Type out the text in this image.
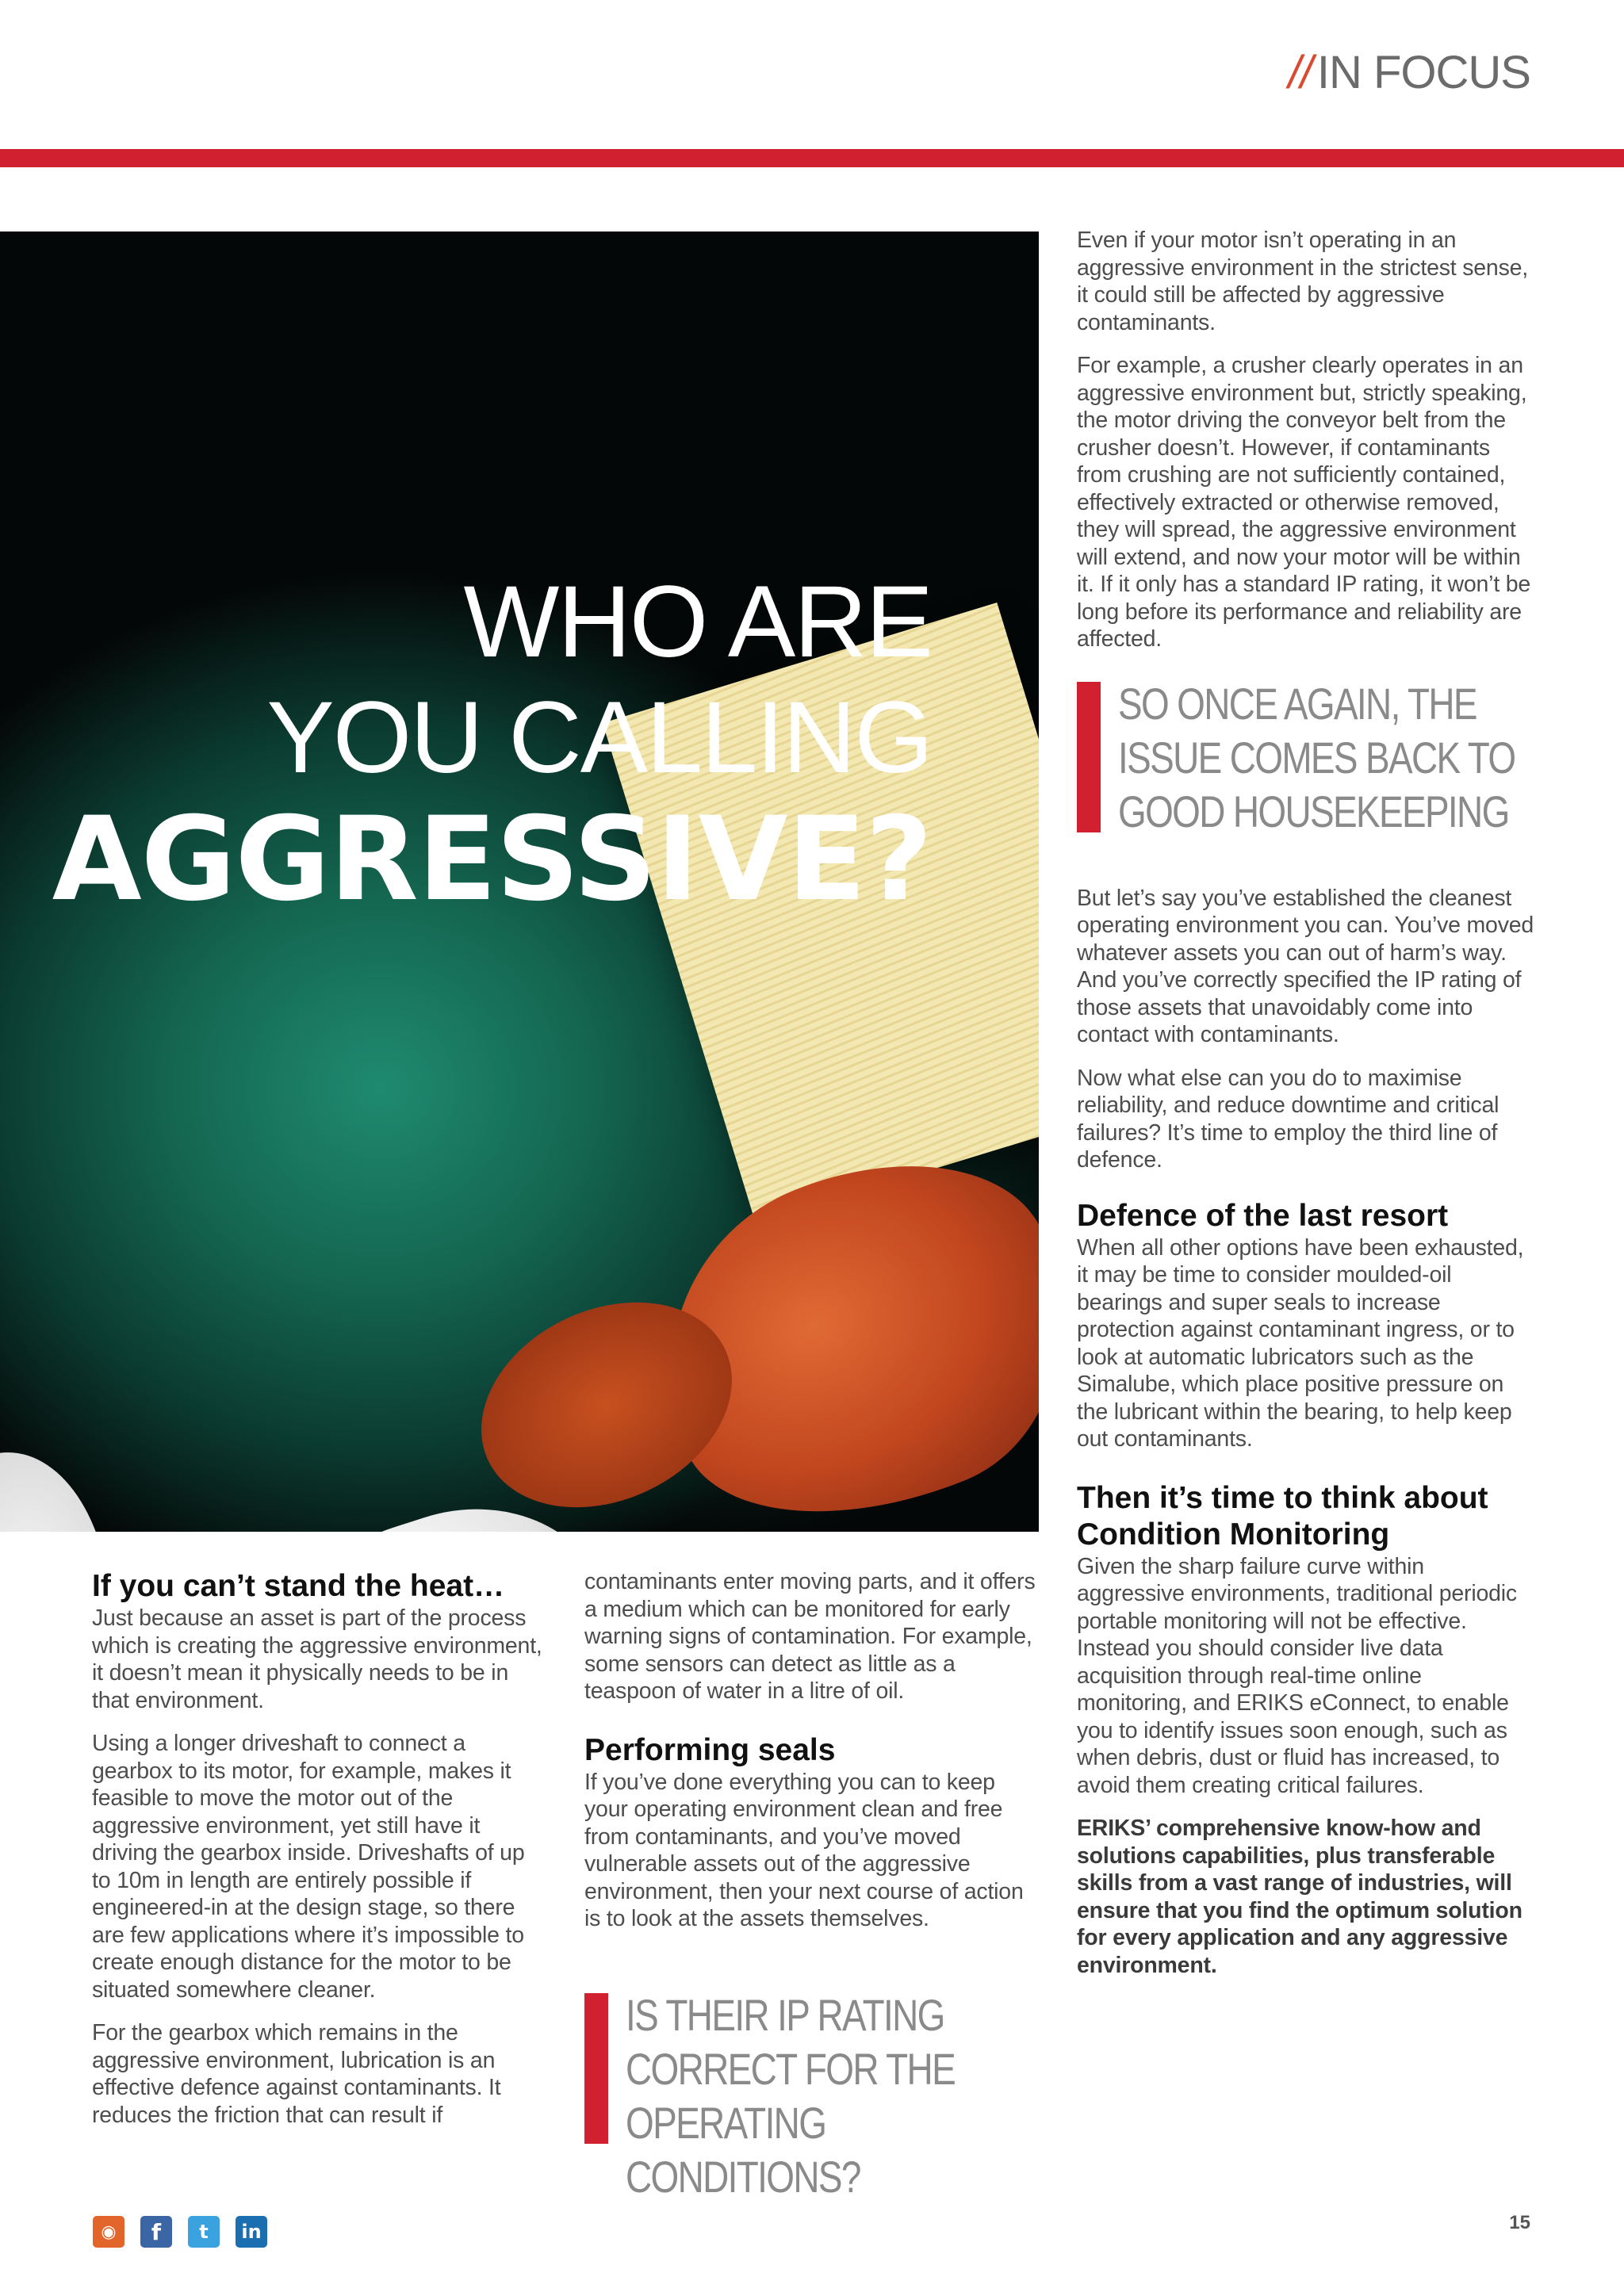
// IN FOCUS
WHO ARE
YOU CALLING
AGGRESSIVE?

Even if your motor isn’t operating in an aggressive environment in the strictest sense, it could still be affected by aggressive contaminants.

For example, a crusher clearly operates in an aggressive environment but, strictly speaking, the motor driving the conveyor belt from the crusher doesn’t. However, if contaminants from crushing are not sufficiently contained, effectively extracted or otherwise removed, they will spread, the aggressive environment will extend, and now your motor will be within it. If it only has a standard IP rating, it won’t be long before its performance and reliability are affected.

SO ONCE AGAIN, THE ISSUE COMES BACK TO GOOD HOUSEKEEPING

But let’s say you’ve established the cleanest operating environment you can. You’ve moved whatever assets you can out of harm’s way. And you’ve correctly specified the IP rating of those assets that unavoidably come into contact with contaminants.

Now what else can you do to maximise reliability, and reduce downtime and critical failures? It’s time to employ the third line of defence.

Defence of the last resort

When all other options have been exhausted, it may be time to consider moulded-oil bearings and super seals to increase protection against contaminant ingress, or to look at automatic lubricators such as the Simalube, which place positive pressure on the lubricant within the bearing, to help keep out contaminants.

Then it’s time to think about Condition Monitoring

Given the sharp failure curve within aggressive environments, traditional periodic portable monitoring will not be effective. Instead you should consider live data acquisition through real-time online monitoring, and ERIKS eConnect, to enable you to identify issues soon enough, such as when debris, dust or fluid has increased, to avoid them creating critical failures.

ERIKS’ comprehensive know-how and solutions capabilities, plus transferable skills from a vast range of industries, will ensure that you find the optimum solution for every application and any aggressive environment.

If you can’t stand the heat…

Just because an asset is part of the process which is creating the aggressive environment, it doesn’t mean it physically needs to be in that environment.

Using a longer driveshaft to connect a gearbox to its motor, for example, makes it feasible to move the motor out of the aggressive environment, yet still have it driving the gearbox inside. Driveshafts of up to 10m in length are entirely possible if engineered-in at the design stage, so there are few applications where it’s impossible to create enough distance for the motor to be situated somewhere cleaner.

For the gearbox which remains in the aggressive environment, lubrication is an effective defence against contaminants. It reduces the friction that can result if

contaminants enter moving parts, and it offers a medium which can be monitored for early warning signs of contamination. For example, some sensors can detect as little as a teaspoon of water in a litre of oil.

Performing seals

If you’ve done everything you can to keep your operating environment clean and free from contaminants, and you’ve moved vulnerable assets out of the aggressive environment, then your next course of action is to look at the assets themselves.

IS THEIR IP RATING CORRECT FOR THE OPERATING CONDITIONS?
◉	f	t	in	15
